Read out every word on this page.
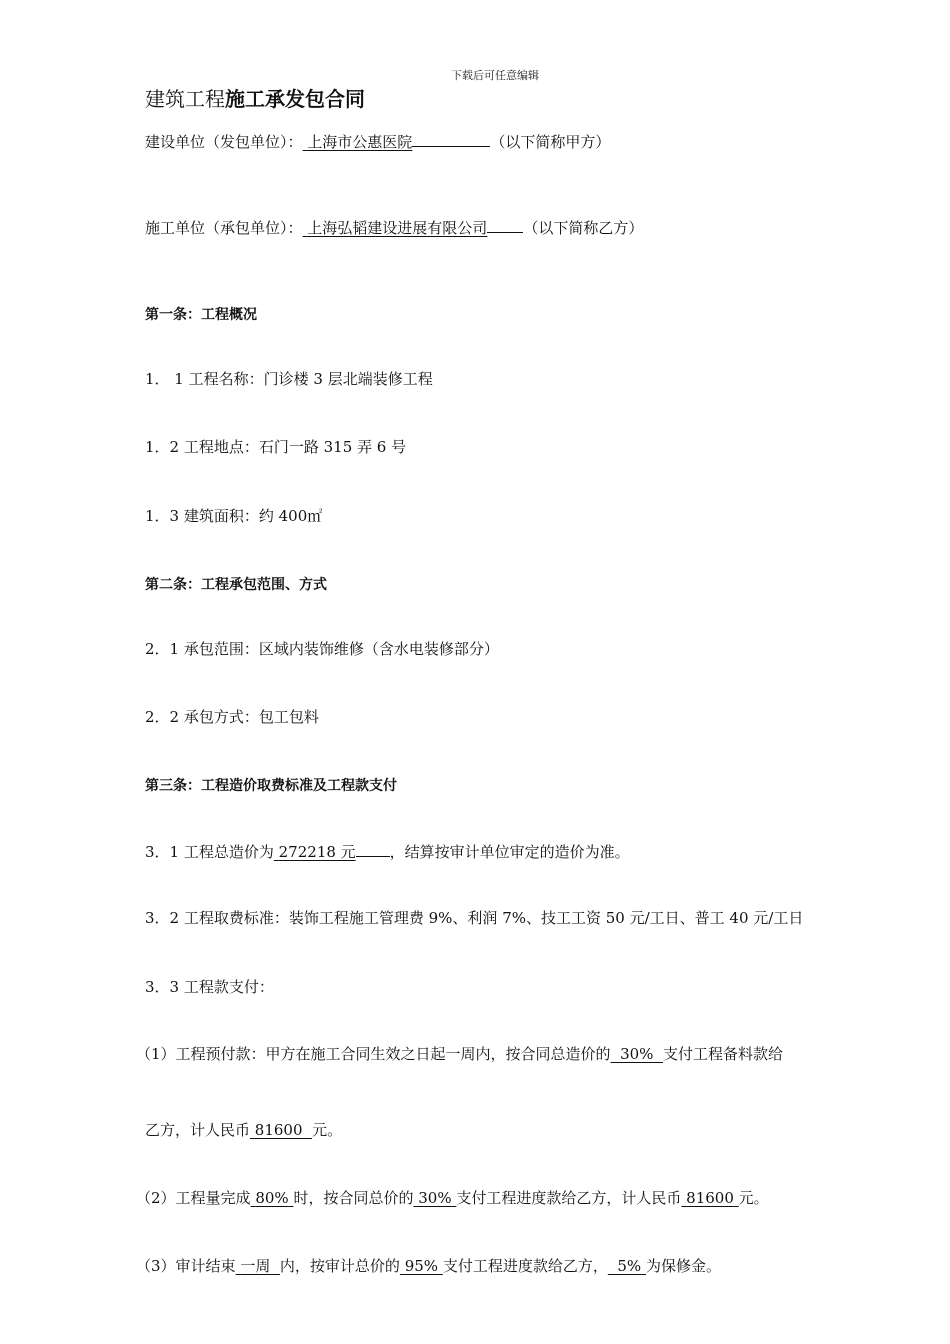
下载后可任意编辑
建筑工程施工承发包合同
建设单位（发包单位）： 上海市公惠医院	（以下简称甲方）
施工单位（承包单位）： 上海弘韬建设进展有限公司 （以下简称乙方）
第一条：工程概况
1． 1 工程名称：门诊楼 3 层北端装修工程
1．2 工程地点：石门一路 315 弄 6 号
1．3 建筑面积：约 400㎡
第二条：工程承包范围、方式
2．1 承包范围：区域内装饰维修（含水电装修部分）
2．2 承包方式：包工包料
第三条：工程造价取费标准及工程款支付
3．1 工程总造价为 272218 元 ，结算按审计单位审定的造价为准。
3．2 工程取费标准：装饰工程施工管理费 9%、利润 7%、技工工资 50 元/工日、普工 40 元/工日
3．3 工程款支付：
（1）工程预付款：甲方在施工合同生效之日起一周内，按合同总造价的 30% 支付工程备料款给
乙方，计人民币 81600 元。
（2）工程量完成 80% 时，按合同总价的 30% 支付工程进度款给乙方，计人民币 81600 元。
（3）审计结束 一周 内，按审计总价的 95% 支付工程进度款给乙方， 5% 为保修金。
